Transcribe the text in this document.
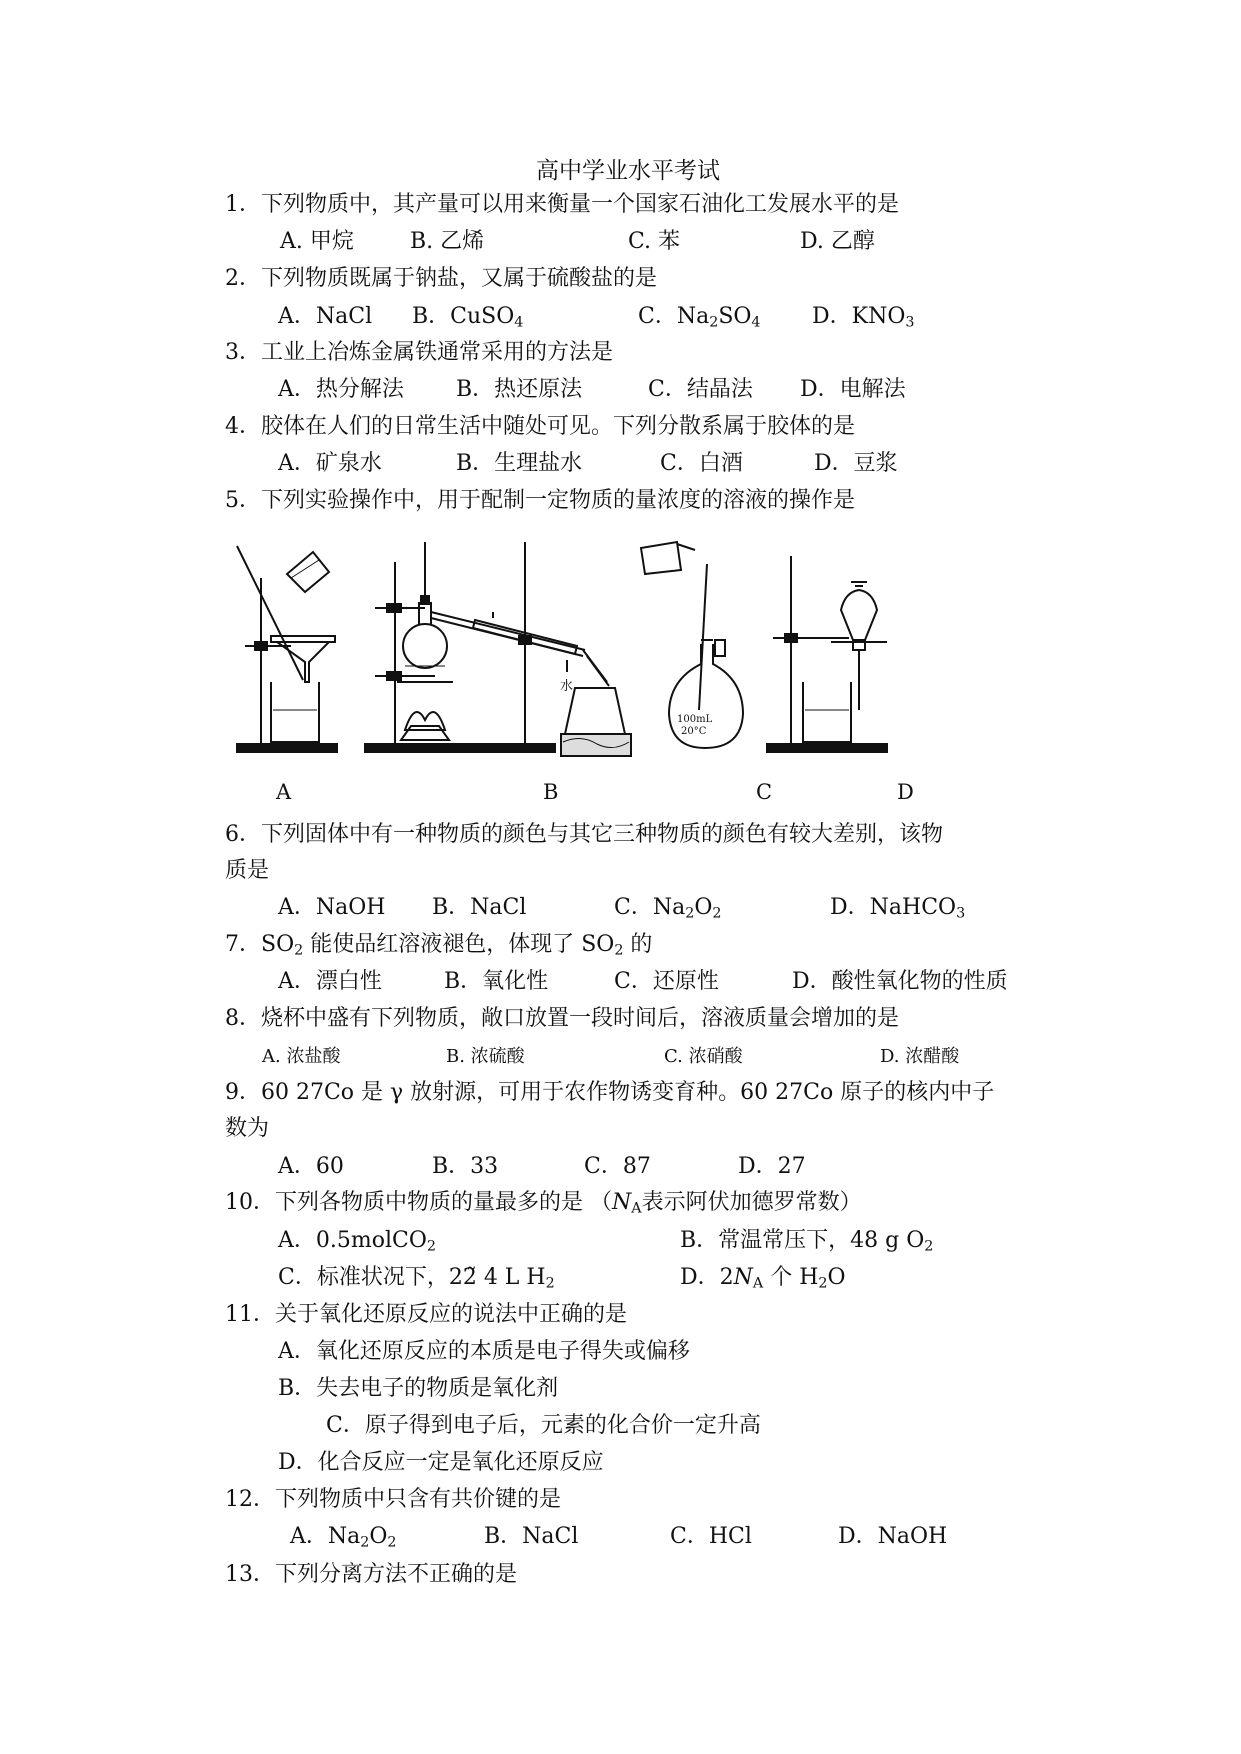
高中学业水平考试
1．下列物质中，其产量可以用来衡量一个国家石油化工发展水平的是
A. 甲烷	B. 乙烯	C. 苯	D. 乙醇
2．下列物质既属于钠盐，又属于硫酸盐的是
A．NaCl B．CuSO$_4$	C．$Na_2SO_4$ D．$KNO_3$
3．工业上冶炼金属铁通常采用的方法是
A．热分解法 B．热还原法	C．结晶法 D．电解法
4．胶体在人们的日常生活中随处可见。下列分散系属于胶体的是
A．矿泉水	B．生理盐水	C．白酒	D．豆浆
5．下列实验操作中，用于配制一定物质的量浓度的溶液的操作是
水
100mL
20°C
A	B	C	D
6．下列固体中有一种物质的颜色与其它三种物质的颜色有较大差别，该物
质是
A．NaOH B．NaCl	C．$Na_2O_2$	D．NaHCO$_3$
7．$SO_2$ 能使品红溶液褪色，体现了 $SO_2$ 的
A．漂白性	B．氧化性	C．还原性	D．酸性氧化物的性质
8．烧杯中盛有下列物质，敞口放置一段时间后，溶液质量会增加的是
A. 浓盐酸	B. 浓硫酸	C. 浓硝酸	D. 浓醋酸
9．60 27Co 是 γ 放射源，可用于农作物诱变育种。60 27Co 原子的核内中子
数为
A．60	B．33	C．87	D．27
10．下列各物质中物质的量最多的是 （$N_A$表示阿伏加德罗常数）
A．0.5molCO$_2$	B．常温常压下，48 g $O_2$
C．标准状况下，22̃ 4 L $H_2$	D．$2N_A$ 个 $H_2O$
11．关于氧化还原反应的说法中正确的是
A．氧化还原反应的本质是电子得失或偏移
B．失去电子的物质是氧化剂
C．原子得到电子后，元素的化合价一定升高
D．化合反应一定是氧化还原反应
12．下列物质中只含有共价键的是
A．$Na_2O_2$	B．NaCl	C．HCl	D．NaOH
13．下列分离方法不正确的是
